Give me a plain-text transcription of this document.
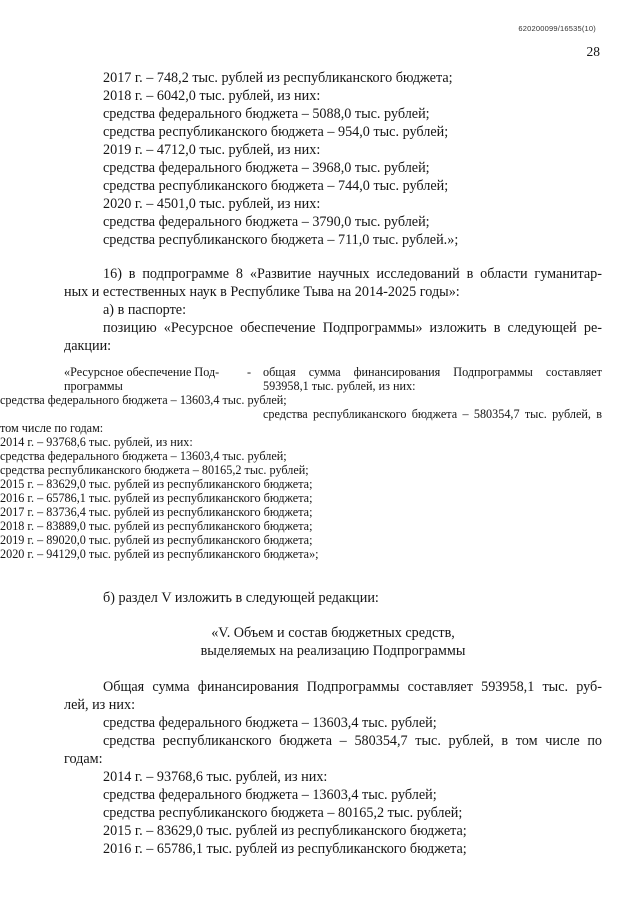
620200099/16535(10)
28
2017 г. – 748,2 тыс. рублей из республиканского бюджета;
2018 г. – 6042,0 тыс. рублей, из них:
средства федерального бюджета – 5088,0 тыс. рублей;
средства республиканского бюджета – 954,0 тыс. рублей;
2019 г. – 4712,0 тыс. рублей, из них:
средства федерального бюджета – 3968,0 тыс. рублей;
средства республиканского бюджета – 744,0 тыс. рублей;
2020 г. – 4501,0 тыс. рублей, из них:
средства федерального бюджета – 3790,0 тыс. рублей;
средства республиканского бюджета – 711,0 тыс. рублей.»;
16) в подпрограмме 8 «Развитие научных исследований в области гуманитар-
ных и естественных наук в Республике Тыва на 2014-2025 годы»:
а) в паспорте:
позицию «Ресурсное обеспечение Подпрограммы» изложить в следующей ре-
дакции:
«Ресурсное обеспечение Под-
программы
- общая сумма финансирования Подпрограммы составляет
593958,1 тыс. рублей, из них:
средства федерального бюджета – 13603,4 тыс. рублей;
средства республиканского бюджета – 580354,7 тыс. рублей, в
том числе по годам:
2014 г. – 93768,6 тыс. рублей, из них:
средства федерального бюджета – 13603,4 тыс. рублей;
средства республиканского бюджета – 80165,2 тыс. рублей;
2015 г. – 83629,0 тыс. рублей из республиканского бюджета;
2016 г. – 65786,1 тыс. рублей из республиканского бюджета;
2017 г. – 83736,4 тыс. рублей из республиканского бюджета;
2018 г. – 83889,0 тыс. рублей из республиканского бюджета;
2019 г. – 89020,0 тыс. рублей из республиканского бюджета;
2020 г. – 94129,0 тыс. рублей из республиканского бюджета»;
б) раздел V изложить в следующей редакции:
«V. Объем и состав бюджетных средств,
выделяемых на реализацию Подпрограммы
Общая сумма финансирования Подпрограммы составляет 593958,1 тыс. руб-
лей, из них:
средства федерального бюджета – 13603,4 тыс. рублей;
средства республиканского бюджета – 580354,7 тыс. рублей, в том числе по
годам:
2014 г. – 93768,6 тыс. рублей, из них:
средства федерального бюджета – 13603,4 тыс. рублей;
средства республиканского бюджета – 80165,2 тыс. рублей;
2015 г. – 83629,0 тыс. рублей из республиканского бюджета;
2016 г. – 65786,1 тыс. рублей из республиканского бюджета;
